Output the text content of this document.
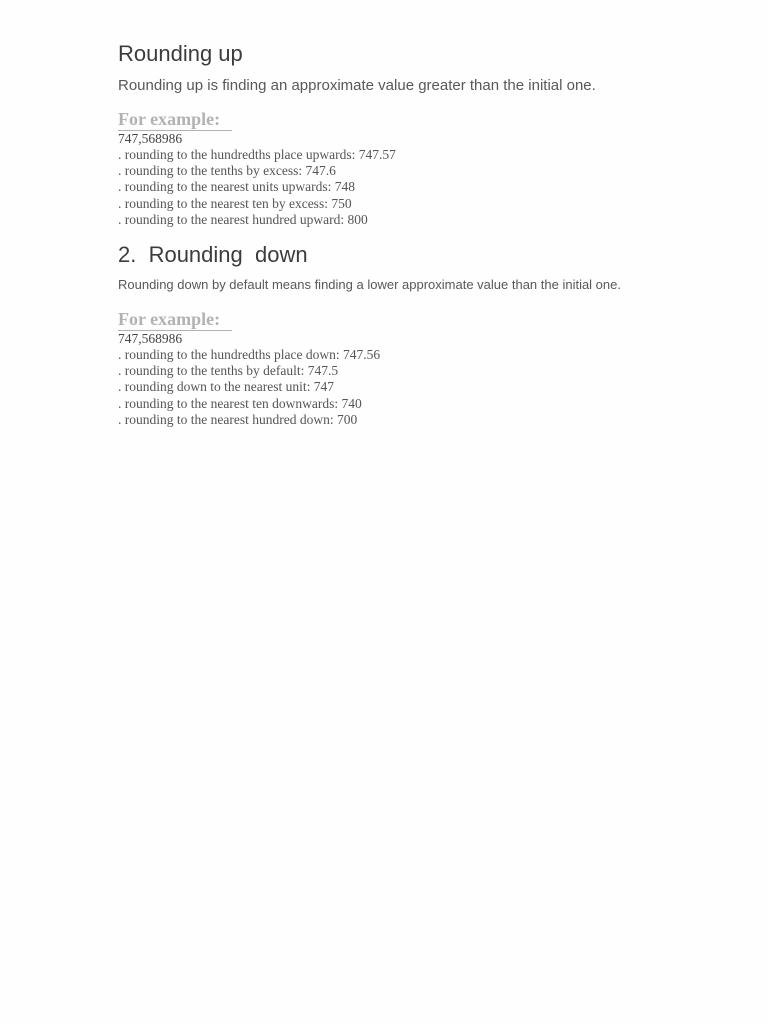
Rounding up

Rounding up is finding an approximate value greater than the initial one.

For example:

747,568986

. rounding to the hundredths place upwards: 747.57
. rounding to the tenths by excess: 747.6
. rounding to the nearest units upwards: 748
. rounding to the nearest ten by excess: 750
. rounding to the nearest hundred upward: 800
2.  Rounding  down

Rounding down by default means finding a lower approximate value than the initial one.

For example:

747,568986

. rounding to the hundredths place down: 747.56
. rounding to the tenths by default: 747.5
. rounding down to the nearest unit: 747
. rounding to the nearest ten downwards: 740
. rounding to the nearest hundred down: 700
